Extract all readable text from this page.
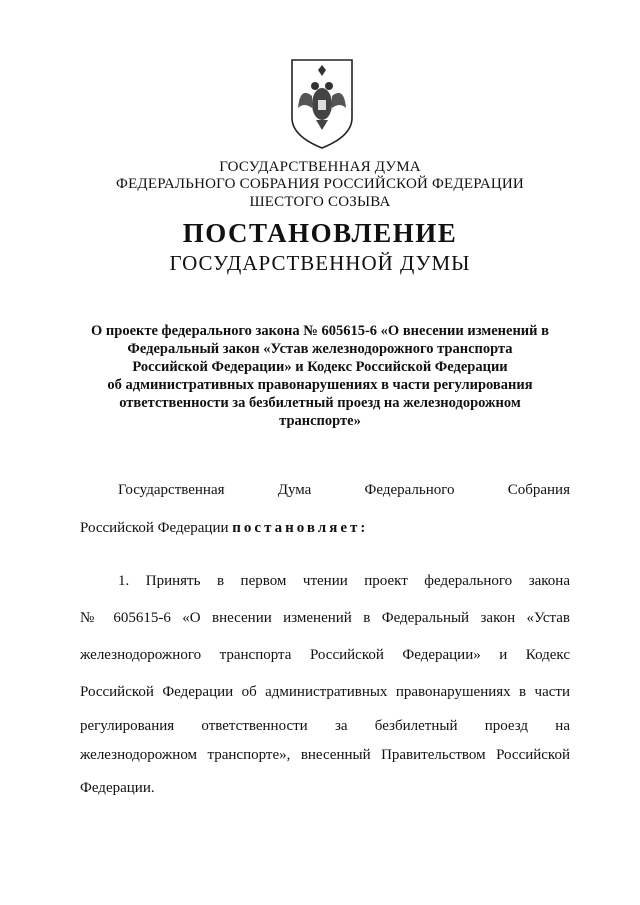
ГОСУДАРСТВЕННАЯ ДУМА
ФЕДЕРАЛЬНОГО СОБРАНИЯ РОССИЙСКОЙ ФЕДЕРАЦИИ
ШЕСТОГО СОЗЫВА
ПОСТАНОВЛЕНИЕ
ГОСУДАРСТВЕННОЙ ДУМЫ
О проекте федерального закона № 605615-6 «О внесении изменений в
Федеральный закон «Устав железнодорожного транспорта
Российской Федерации» и Кодекс Российской Федерации
об административных правонарушениях в части регулирования
ответственности за безбилетный проезд на железнодорожном
транспорте»
Государственная Дума Федерального Собрания
Российской Федерации постановляет:
1. Принять в первом чтении проект федерального закона
№ 605615-6 «О внесении изменений в Федеральный закон «Устав
железнодорожного транспорта Российской Федерации» и Кодекс
Российской Федерации об административных правонарушениях в части
регулирования ответственности за безбилетный проезд на
железнодорожном транспорте», внесенный Правительством Российской
Федерации.
